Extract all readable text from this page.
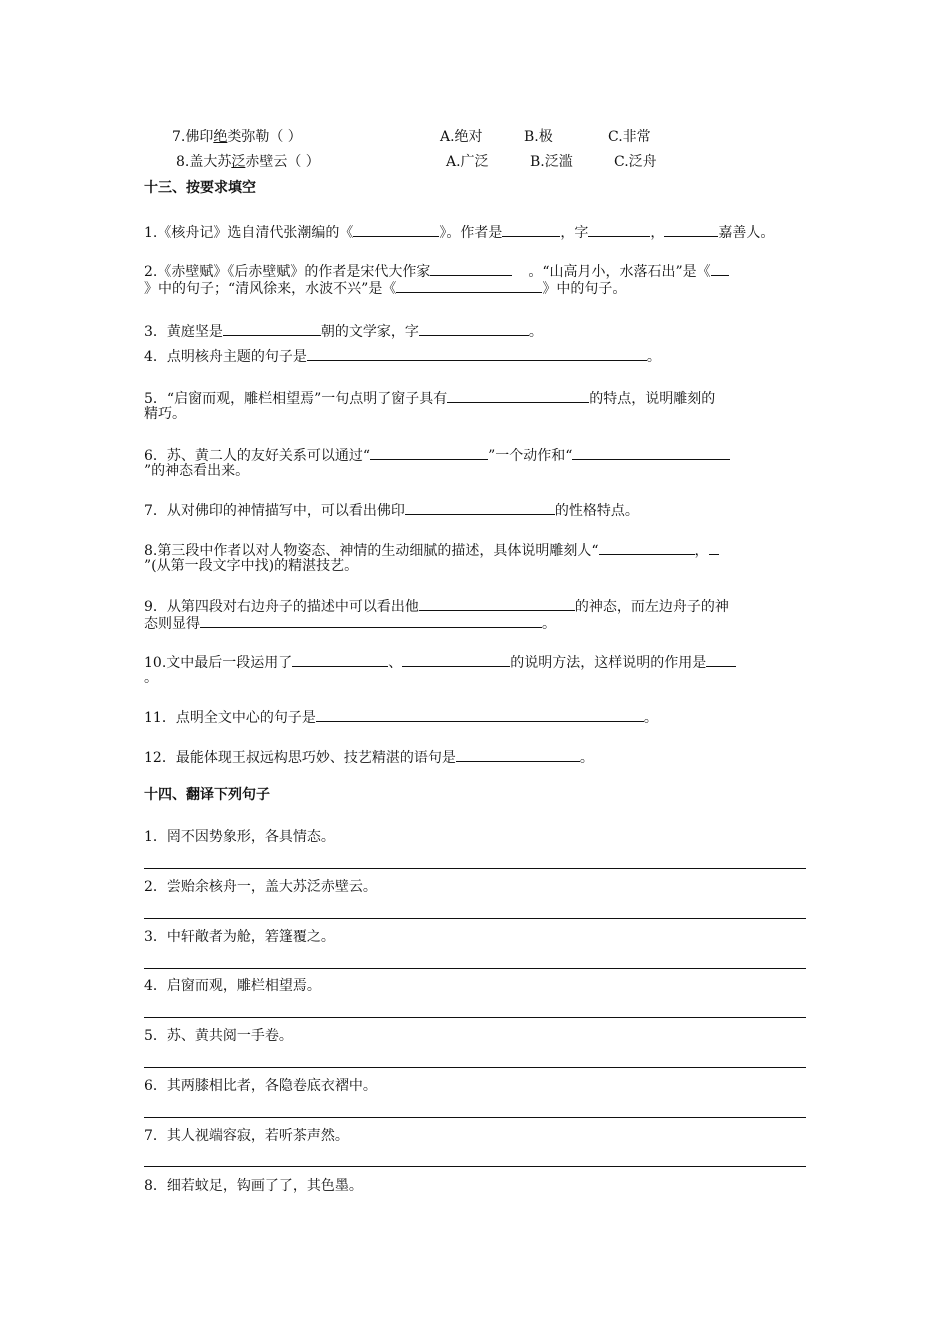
7.佛印绝类弥勒（ ）	A.绝对	B.极	C.非常
8.盖大苏泛赤壁云（ ）	A.广泛	B.泛滥	C.泛舟
十三、按要求填空
1.《核舟记》选自清代张潮编的《	》。作者是	，字	，	嘉善人。
2.《赤壁赋》《后赤壁赋》的作者是宋代大作家	。“山高月小，水落石出”是《
》中的句子；“清风徐来，水波不兴”是《	》中的句子。
3．黄庭坚是	朝的文学家，字	。
4．点明核舟主题的句子是	。
5．“启窗而观，雕栏相望焉”一句点明了窗子具有	的特点，说明雕刻的
精巧。
6．苏、黄二人的友好关系可以通过“	”一个动作和“
”的神态看出来。
7．从对佛印的神情描写中，可以看出佛印	的性格特点。
8.第三段中作者以对人物姿态、神情的生动细腻的描述，具体说明雕刻人“	，
”(从第一段文字中找)的精湛技艺。
9．从第四段对右边舟子的描述中可以看出他	的神态，而左边舟子的神
态则显得	。
10.文中最后一段运用了	、	的说明方法，这样说明的作用是
。
11．点明全文中心的句子是	。
12．最能体现王叔远构思巧妙、技艺精湛的语句是	。
十四、翻译下列句子
1．罔不因势象形，各具情态。
2．尝贻余核舟一，盖大苏泛赤壁云。
3．中轩敞者为舱，箬篷覆之。
4．启窗而观，雕栏相望焉。
5．苏、黄共阅一手卷。
6．其两膝相比者，各隐卷底衣褶中。
7．其人视端容寂，若听茶声然。
8．细若蚊足，钩画了了，其色墨。
